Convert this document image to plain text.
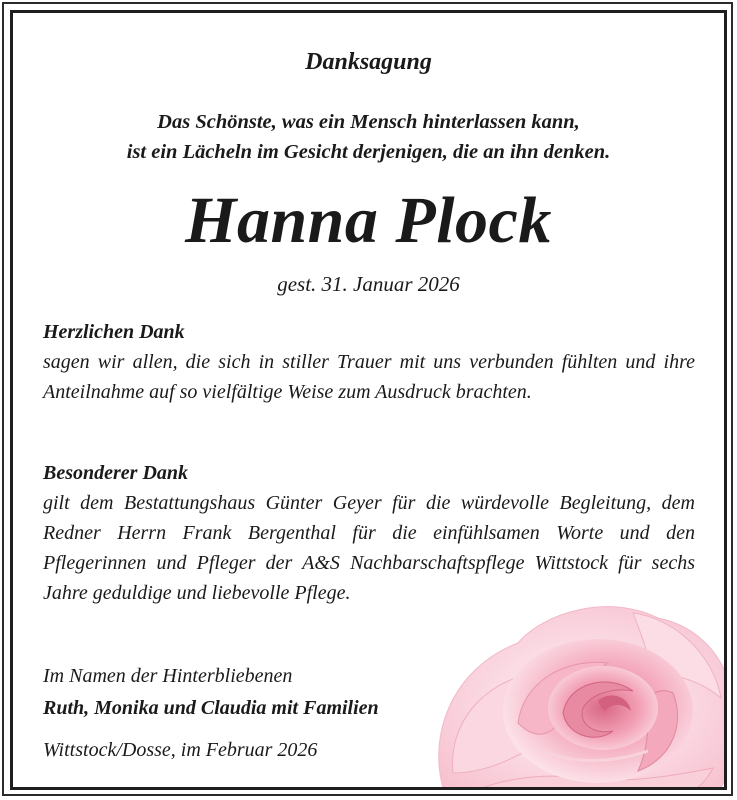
Danksagung
Das Schönste, was ein Mensch hinterlassen kann,
ist ein Lächeln im Gesicht derjenigen, die an ihn denken.
Hanna Plock
gest. 31. Januar 2026
Herzlichen Dank
sagen wir allen, die sich in stiller Trauer mit uns verbunden fühlten und ihre Anteilnahme auf so vielfältige Weise zum Ausdruck brachten.
Besonderer Dank
gilt dem Bestattungshaus Günter Geyer für die würdevolle Begleitung, dem Redner Herrn Frank Bergenthal für die einfühlsamen Worte und den Pflegerinnen und Pfleger der A&S Nachbarschaftspflege Wittstock für sechs Jahre geduldige und liebevolle Pflege.
Im Namen der Hinterbliebenen
Ruth, Monika und Claudia mit Familien
Wittstock/Dosse, im Februar 2026
